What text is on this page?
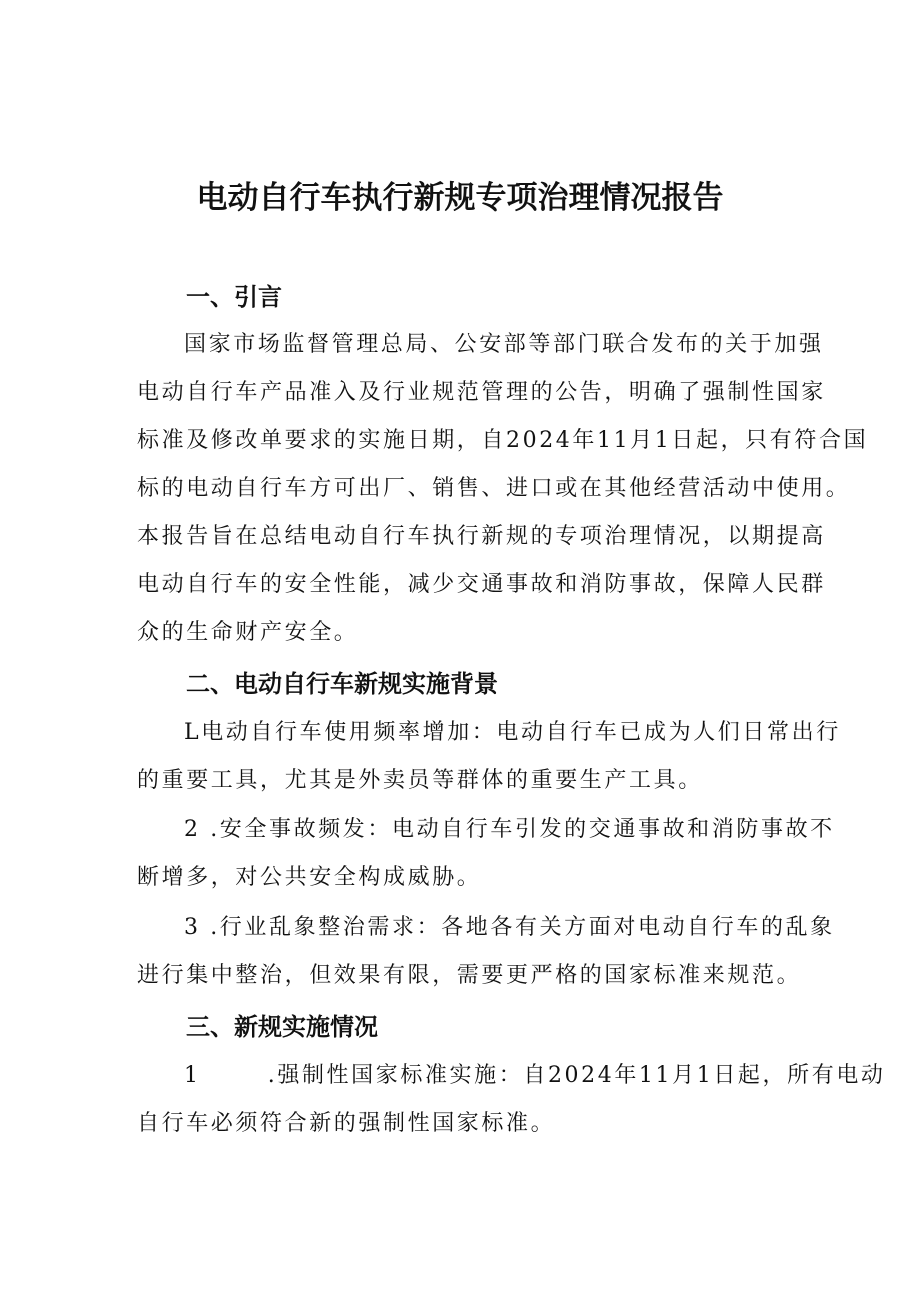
电动自行车执行新规专项治理情况报告
一、引言

国家市场监督管理总局、公安部等部门联合发布的关于加强
电动自行车产品准入及行业规范管理的公告，明确了强制性国家
标准及修改单要求的实施日期，自2024年11月1日起，只有符合国
标的电动自行车方可出厂、销售、进口或在其他经营活动中使用。
本报告旨在总结电动自行车执行新规的专项治理情况，以期提高
电动自行车的安全性能，减少交通事故和消防事故，保障人民群
众的生命财产安全。

二、电动自行车新规实施背景

L电动自行车使用频率增加：电动自行车已成为人们日常出行
的重要工具，尤其是外卖员等群体的重要生产工具。

2 .安全事故频发：电动自行车引发的交通事故和消防事故不
断增多，对公共安全构成威胁。

3 .行业乱象整治需求：各地各有关方面对电动自行车的乱象
进行集中整治，但效果有限，需要更严格的国家标准来规范。

三、新规实施情况

1       .强制性国家标准实施：自2024年11月1日起，所有电动
自行车必须符合新的强制性国家标准。
